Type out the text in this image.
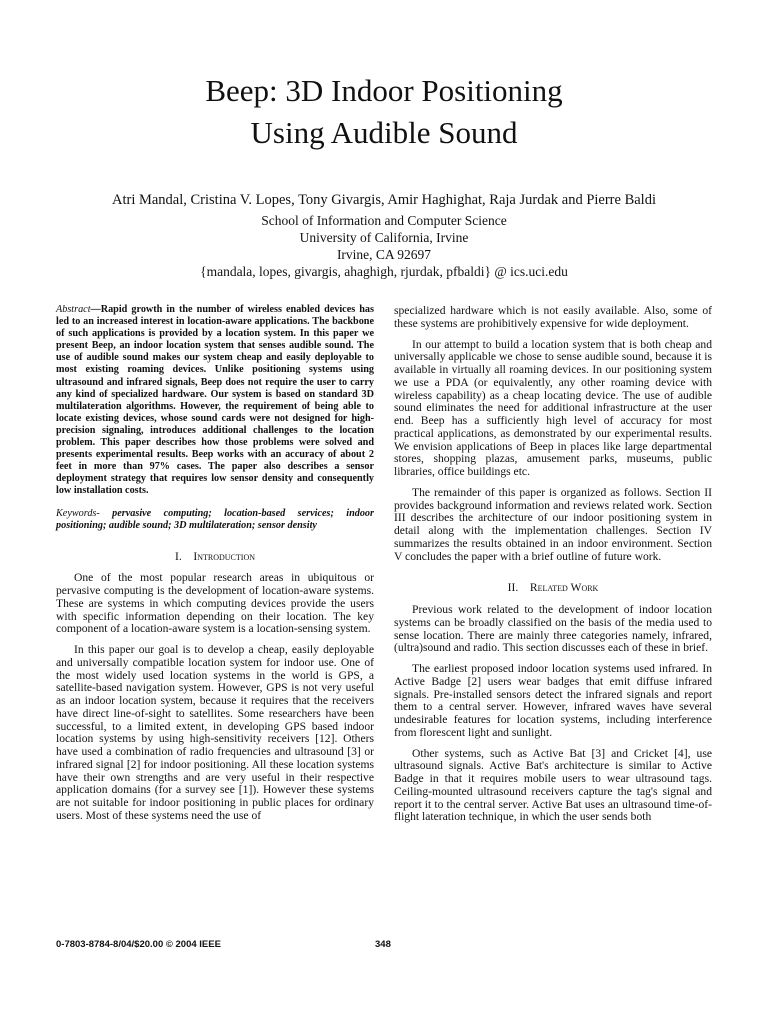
Beep: 3D Indoor Positioning
Using Audible Sound
Atri Mandal, Cristina V. Lopes, Tony Givargis, Amir Haghighat, Raja Jurdak and Pierre Baldi
School of Information and Computer Science
University of California, Irvine
Irvine, CA 92697
{mandala, lopes, givargis, ahaghigh, rjurdak, pfbaldi} @ ics.uci.edu
Abstract—Rapid growth in the number of wireless enabled devices has led to an increased interest in location-aware applications. The backbone of such applications is provided by a location system. In this paper we present Beep, an indoor location system that senses audible sound. The use of audible sound makes our system cheap and easily deployable to most existing roaming devices. Unlike positioning systems using ultrasound and infrared signals, Beep does not require the user to carry any kind of specialized hardware. Our system is based on standard 3D multilateration algorithms. However, the requirement of being able to locate existing devices, whose sound cards were not designed for high-precision signaling, introduces additional challenges to the location problem. This paper describes how those problems were solved and presents experimental results. Beep works with an accuracy of about 2 feet in more than 97% cases. The paper also describes a sensor deployment strategy that requires low sensor density and consequently low installation costs.
Keywords- pervasive computing; location-based services; indoor positioning; audible sound; 3D multilateration; sensor density
I. Introduction

One of the most popular research areas in ubiquitous or pervasive computing is the development of location-aware systems. These are systems in which computing devices provide the users with specific information depending on their location. The key component of a location-aware system is a location-sensing system.

In this paper our goal is to develop a cheap, easily deployable and universally compatible location system for indoor use. One of the most widely used location systems in the world is GPS, a satellite-based navigation system. However, GPS is not very useful as an indoor location system, because it requires that the receivers have direct line-of-sight to satellites. Some researchers have been successful, to a limited extent, in developing GPS based indoor location systems by using high-sensitivity receivers [12]. Others have used a combination of radio frequencies and ultrasound [3] or infrared signal [2] for indoor positioning. All these location systems have their own strengths and are very useful in their respective application domains (for a survey see [1]). However these systems are not suitable for indoor positioning in public places for ordinary users. Most of these systems need the use of

specialized hardware which is not easily available. Also, some of these systems are prohibitively expensive for wide deployment.

In our attempt to build a location system that is both cheap and universally applicable we chose to sense audible sound, because it is available in virtually all roaming devices. In our positioning system we use a PDA (or equivalently, any other roaming device with wireless capability) as a cheap locating device. The use of audible sound eliminates the need for additional infrastructure at the user end. Beep has a sufficiently high level of accuracy for most practical applications, as demonstrated by our experimental results. We envision applications of Beep in places like large departmental stores, shopping plazas, amusement parks, museums, public libraries, office buildings etc.

The remainder of this paper is organized as follows. Section II provides background information and reviews related work. Section III describes the architecture of our indoor positioning system in detail along with the implementation challenges. Section IV summarizes the results obtained in an indoor environment. Section V concludes the paper with a brief outline of future work.

II. Related Work

Previous work related to the development of indoor location systems can be broadly classified on the basis of the media used to sense location. There are mainly three categories namely, infrared, (ultra)sound and radio. This section discusses each of these in brief.

The earliest proposed indoor location systems used infrared. In Active Badge [2] users wear badges that emit diffuse infrared signals. Pre-installed sensors detect the infrared signals and report them to a central server. However, infrared waves have several undesirable features for location systems, including interference from florescent light and sunlight.

Other systems, such as Active Bat [3] and Cricket [4], use ultrasound signals. Active Bat's architecture is similar to Active Badge in that it requires mobile users to wear ultrasound tags. Ceiling-mounted ultrasound receivers capture the tag's signal and report it to the central server. Active Bat uses an ultrasound time-of-flight lateration technique, in which the user sends both

0-7803-8784-8/04/$20.00 © 2004 IEEE	348
